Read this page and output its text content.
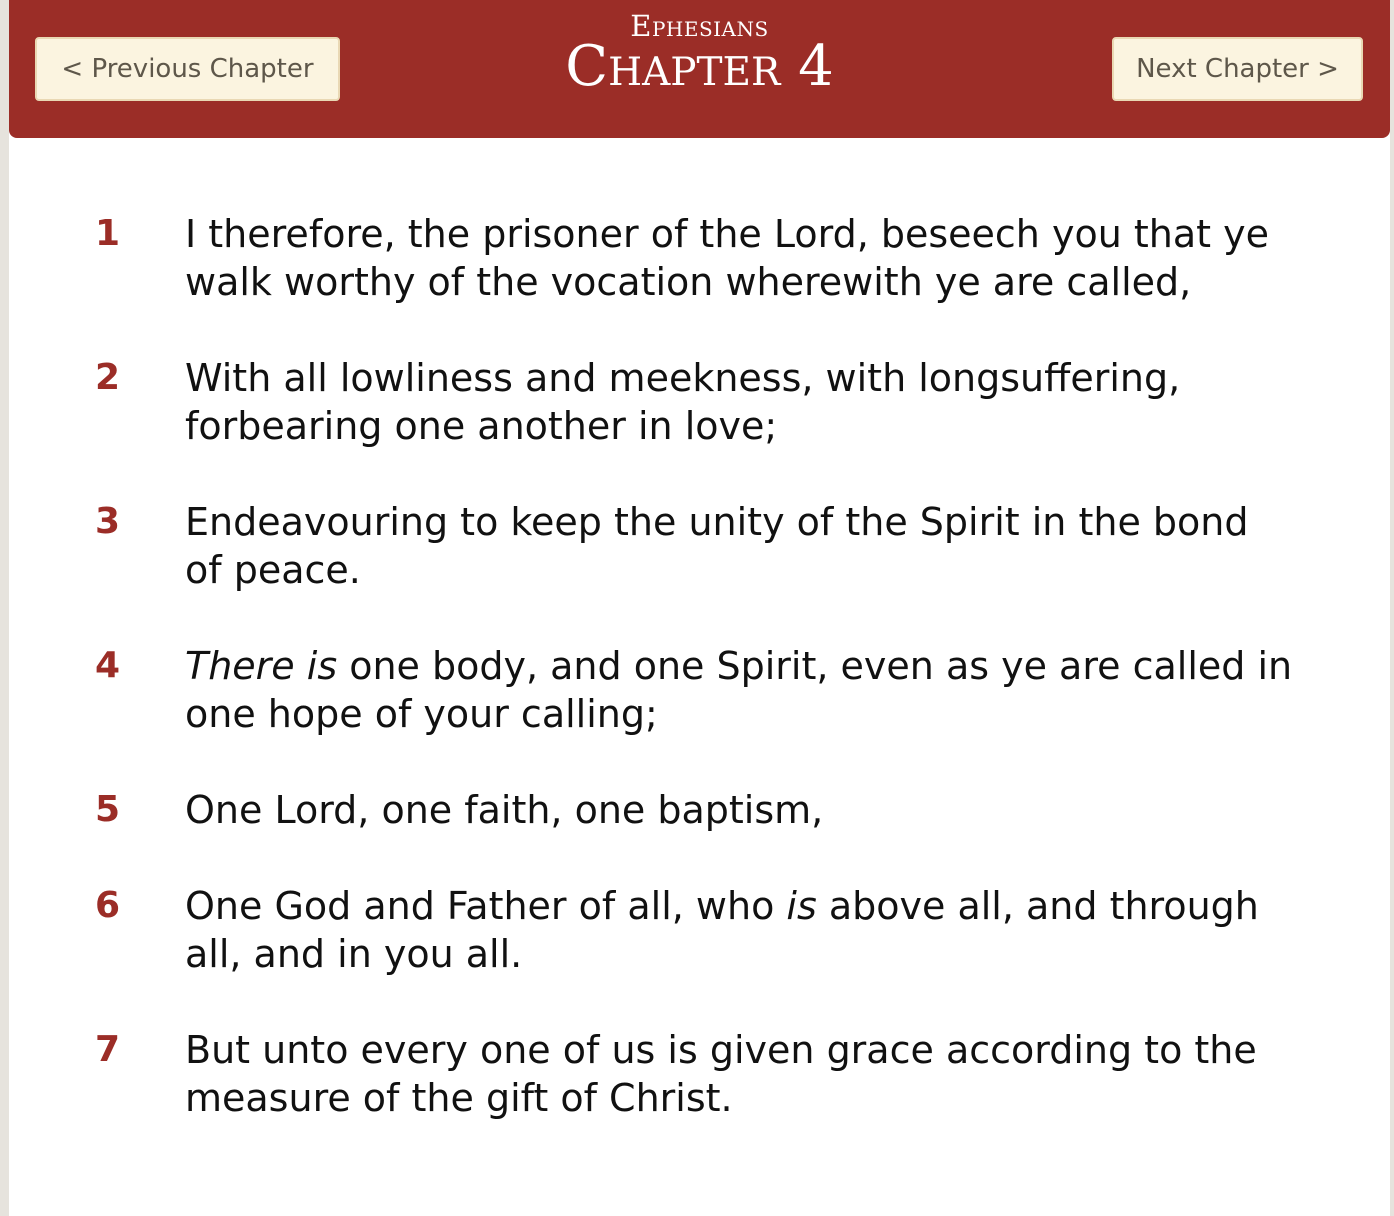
< Previous Chapter
Ephesians
Chapter 4	Next Chapter >
1	I therefore, the prisoner of the Lord, beseech you that ye walk worthy of the vocation wherewith ye are called,
2	With all lowliness and meekness, with longsuffering, forbearing one another in love;
3	Endeavouring to keep the unity of the Spirit in the bond of peace.
4	There is one body, and one Spirit, even as ye are called in one hope of your calling;
5	One Lord, one faith, one baptism,
6	One God and Father of all, who is above all, and through all, and in you all.
7	But unto every one of us is given grace according to the measure of the gift of Christ.
